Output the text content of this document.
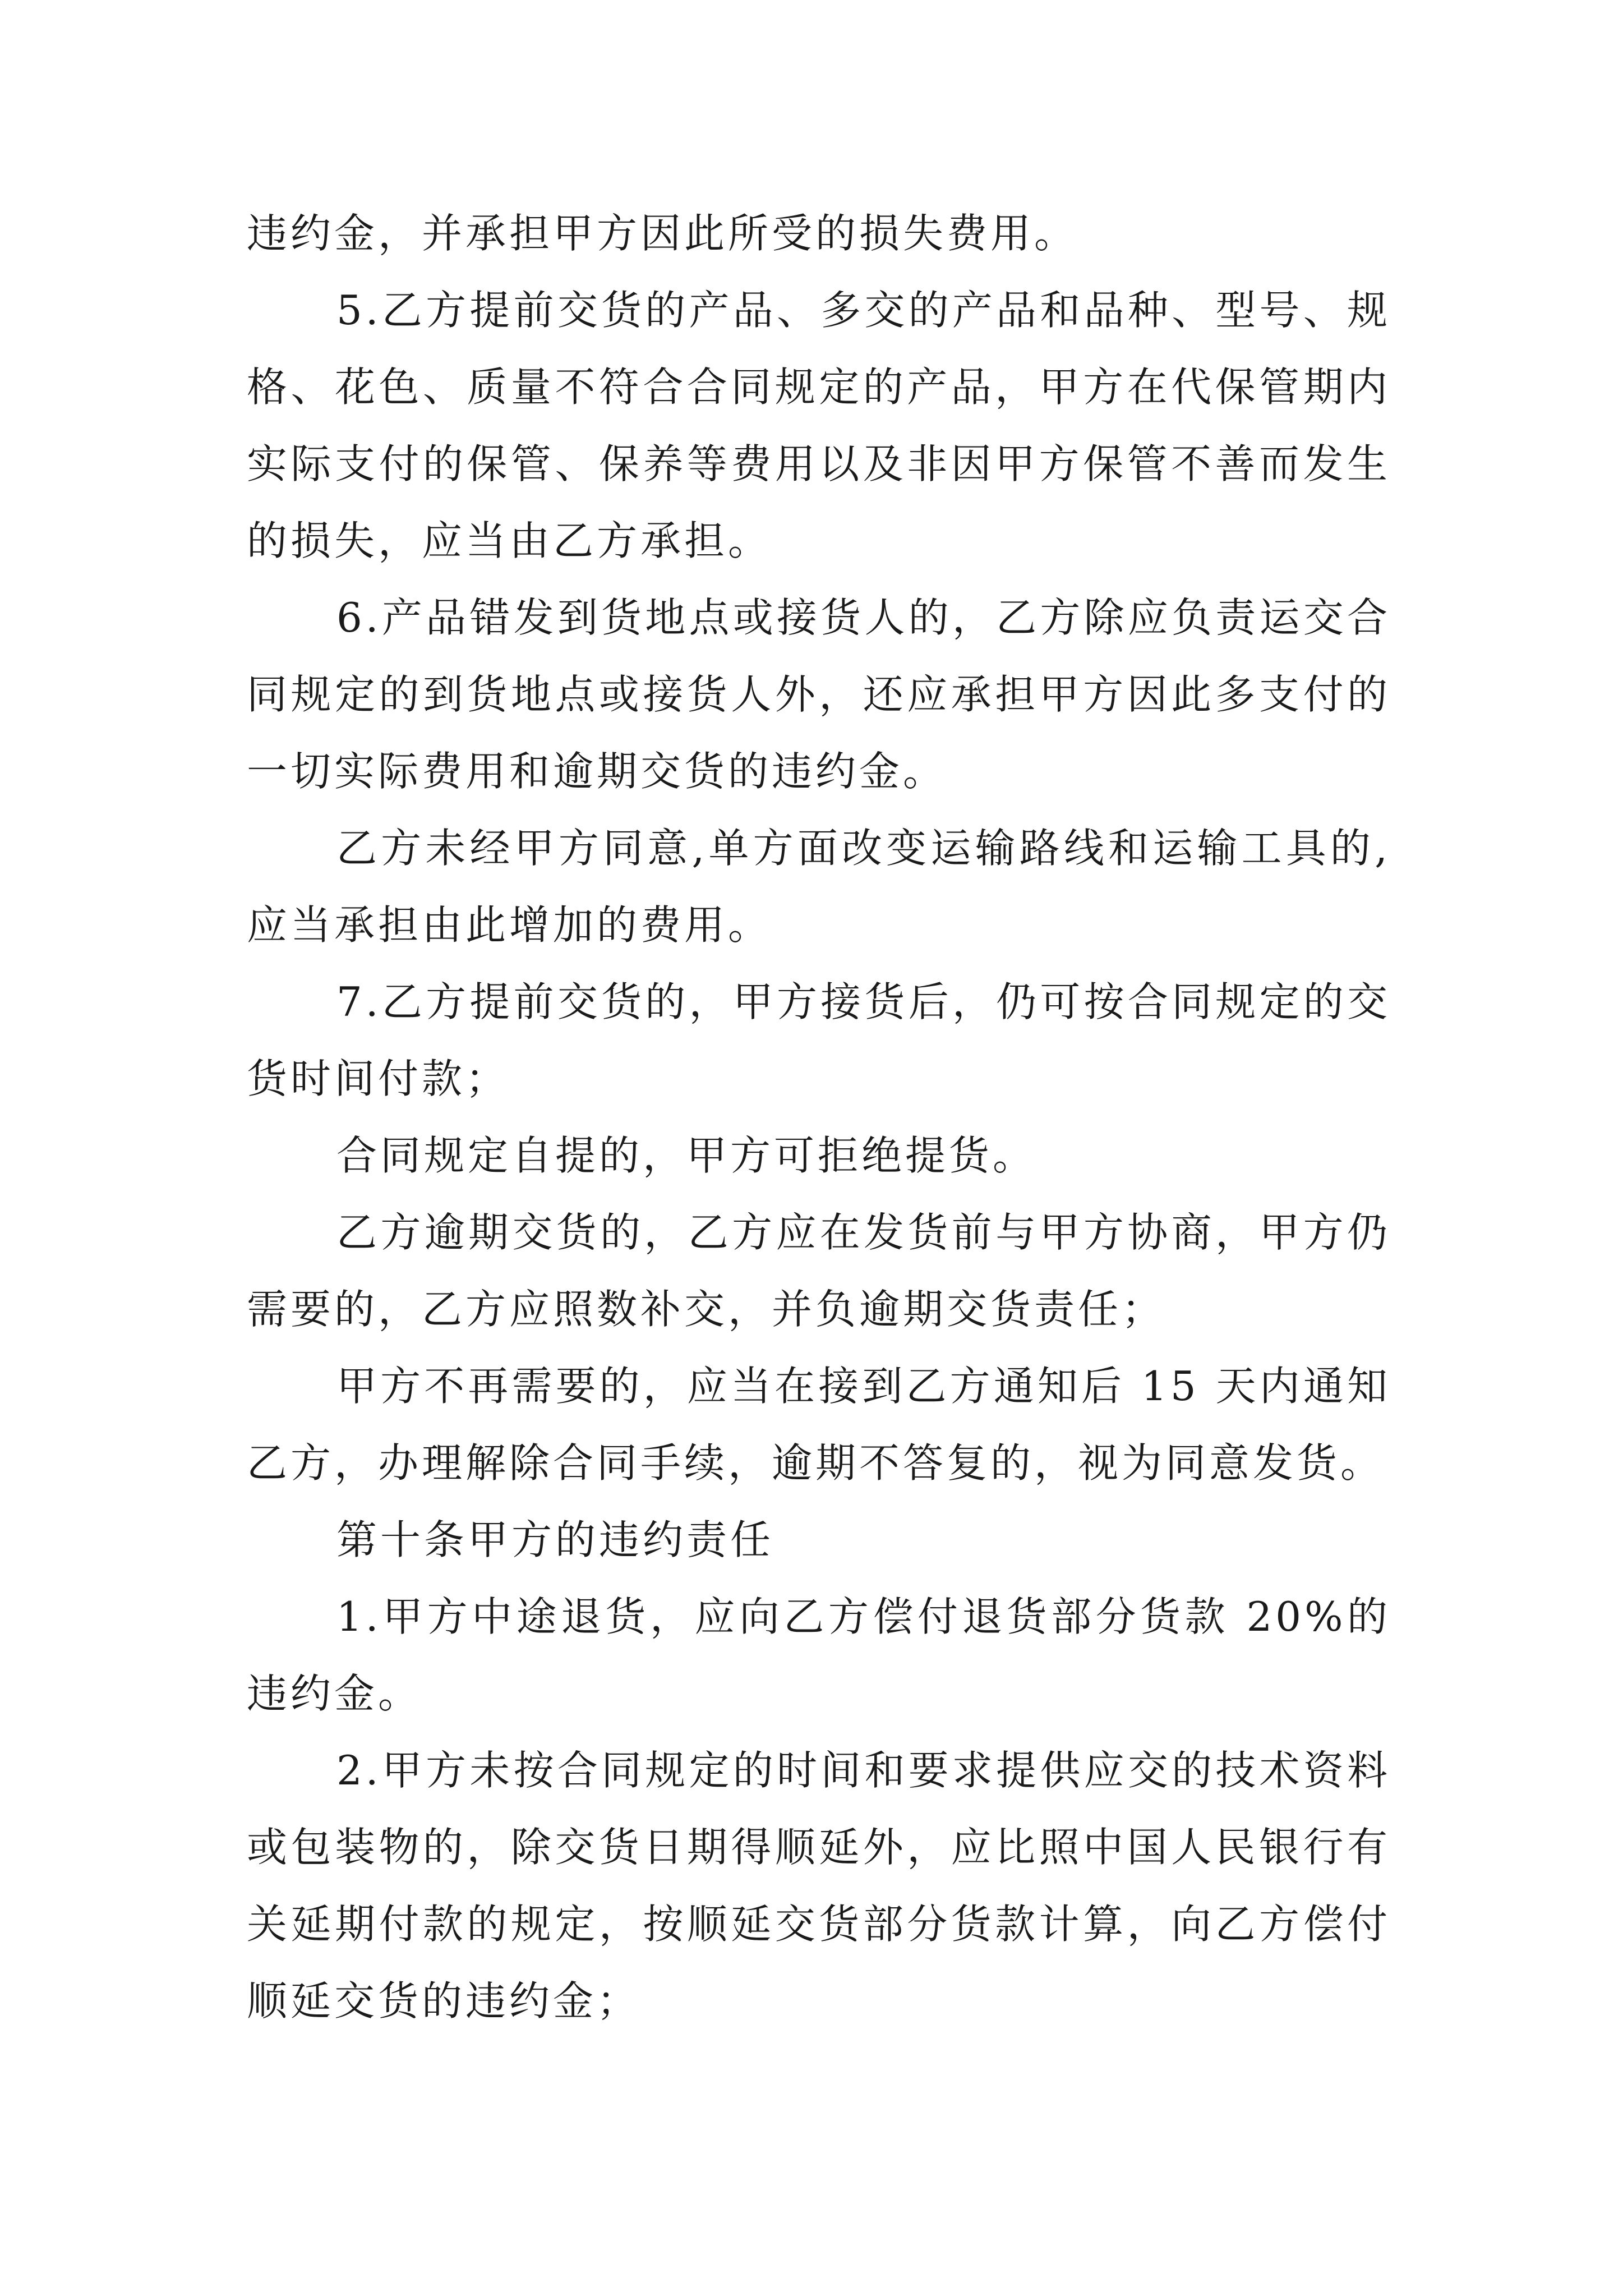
违约金，并承担甲方因此所受的损失费用。

5.乙方提前交货的产品、多交的产品和品种、型号、规格、花色、质量不符合合同规定的产品，甲方在代保管期内实际支付的保管、保养等费用以及非因甲方保管不善而发生的损失，应当由乙方承担。

6.产品错发到货地点或接货人的，乙方除应负责运交合同规定的到货地点或接货人外，还应承担甲方因此多支付的一切实际费用和逾期交货的违约金。

乙方未经甲方同意,单方面改变运输路线和运输工具的,应当承担由此增加的费用。

7.乙方提前交货的，甲方接货后，仍可按合同规定的交货时间付款；

合同规定自提的，甲方可拒绝提货。

乙方逾期交货的，乙方应在发货前与甲方协商，甲方仍需要的，乙方应照数补交，并负逾期交货责任；

甲方不再需要的，应当在接到乙方通知后 15 天内通知乙方，办理解除合同手续，逾期不答复的，视为同意发货。

第十条甲方的违约责任

1.甲方中途退货，应向乙方偿付退货部分货款 20%的违约金。

2.甲方未按合同规定的时间和要求提供应交的技术资料或包装物的，除交货日期得顺延外，应比照中国人民银行有关延期付款的规定，按顺延交货部分货款计算，向乙方偿付顺延交货的违约金；
